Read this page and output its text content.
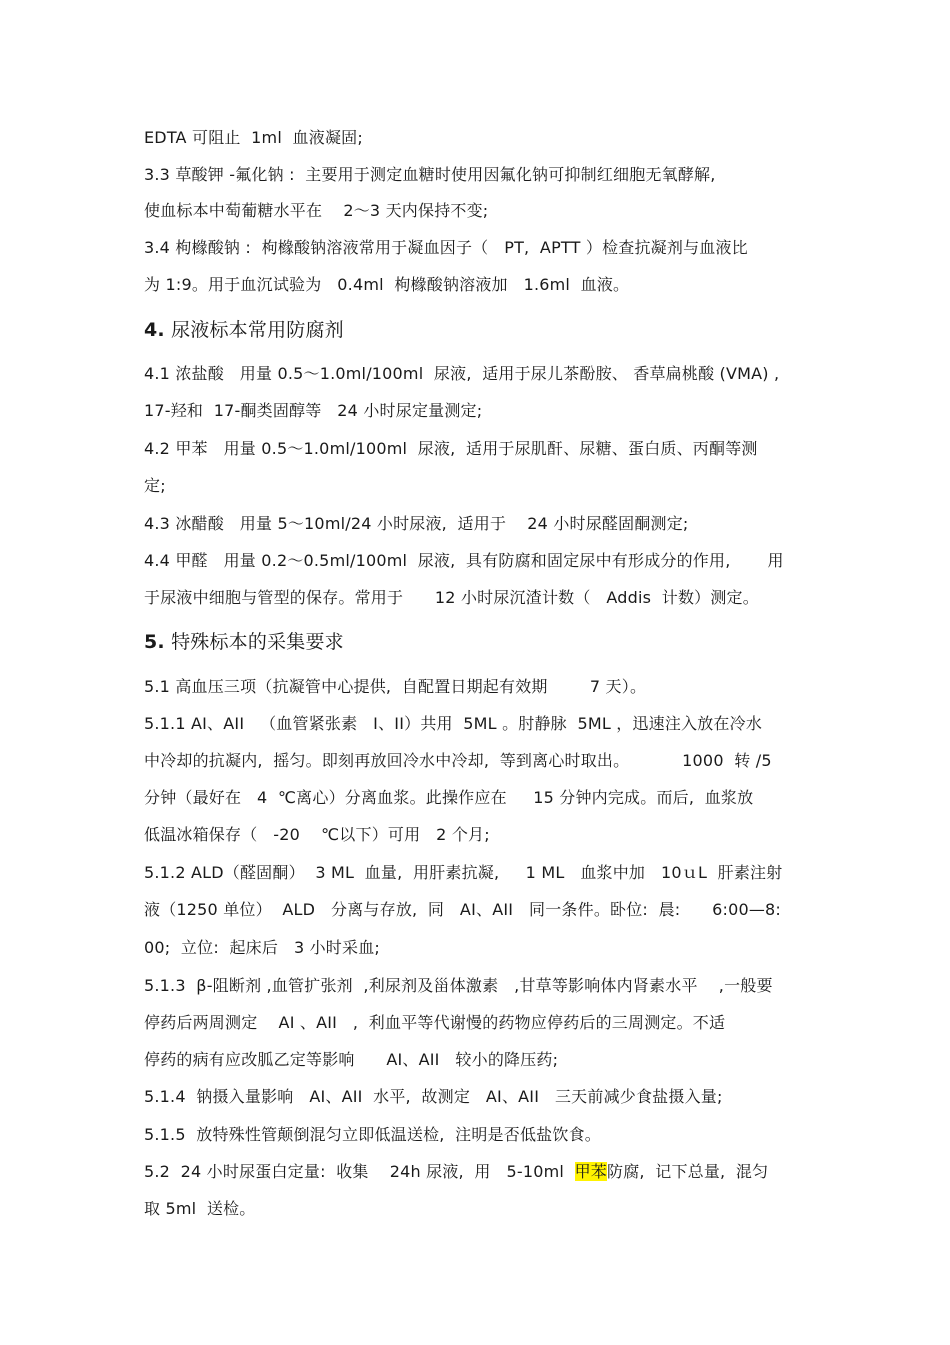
EDTA 可阻止  1ml  血液凝固;
3.3 草酸钾 -氟化钠 :  主要用于测定血糖时使用因氟化钠可抑制红细胞无氧酵解,
使血标本中萄葡糖水平在    2～3 天内保持不变;
3.4 枸橼酸钠 :  枸橼酸钠溶液常用于凝血因子（   PT,  APTT ）检查抗凝剂与血液比
为 1:9。用于血沉试验为   0.4ml  枸橼酸钠溶液加   1.6ml  血液。
4. 尿液标本常用防腐剂
4.1 浓盐酸   用量 0.5～1.0ml/100ml  尿液,  适用于尿儿茶酚胺、 香草扁桃酸 (VMA) ,
17-羟和  17-酮类固醇等   24 小时尿定量测定;
4.2 甲苯   用量 0.5～1.0ml/100ml  尿液,  适用于尿肌酐、尿糖、蛋白质、丙酮等测
定;
4.3 冰醋酸   用量 5～10ml/24 小时尿液,  适用于    24 小时尿醛固酮测定;
4.4 甲醛   用量 0.2～0.5ml/100ml  尿液,  具有防腐和固定尿中有形成分的作用,       用
于尿液中细胞与管型的保存。常用于      12 小时尿沉渣计数（   Addis  计数）测定。
5. 特殊标本的采集要求
5.1 高血压三项（抗凝管中心提供,  自配置日期起有效期        7 天）。
5.1.1 AI、AII   （血管紧张素   I、II）共用  5ML 。肘静脉  5ML ，迅速注入放在冷水
中冷却的抗凝内,  摇匀。即刻再放回冷水中冷却,  等到离心时取出。          1000  转 /5
分钟（最好在   4  ℃离心）分离血浆。此操作应在     15 分钟内完成。而后,  血浆放
低温冰箱保存（   -20    ℃以下）可用   2 个月;
5.1.2 ALD（醛固酮）  3 ML  血量,  用肝素抗凝,     1 ML   血浆中加   10ｕL  肝素注射
液（1250 单位）  ALD   分离与存放,  同   AI、AII   同一条件。卧位:  晨:      6:00—8:
00;  立位:  起床后   3 小时采血;
5.1.3  β-阻断剂 ,血管扩张剂  ,利尿剂及甾体激素   ,甘草等影响体内肾素水平    ,一般要
停药后两周测定    AI 、AII   ,  利血平等代谢慢的药物应停药后的三周测定。不适
停药的病有应改胍乙定等影响      AI、AII   较小的降压药;
5.1.4  钠摄入量影响   AI、AII  水平,  故测定   AI、AII   三天前减少食盐摄入量;
5.1.5  放特殊性管颠倒混匀立即低温送检,  注明是否低盐饮食。
5.2  24 小时尿蛋白定量:  收集    24h 尿液,  用   5-10ml  甲苯防腐,  记下总量,  混匀
取 5ml  送检。
